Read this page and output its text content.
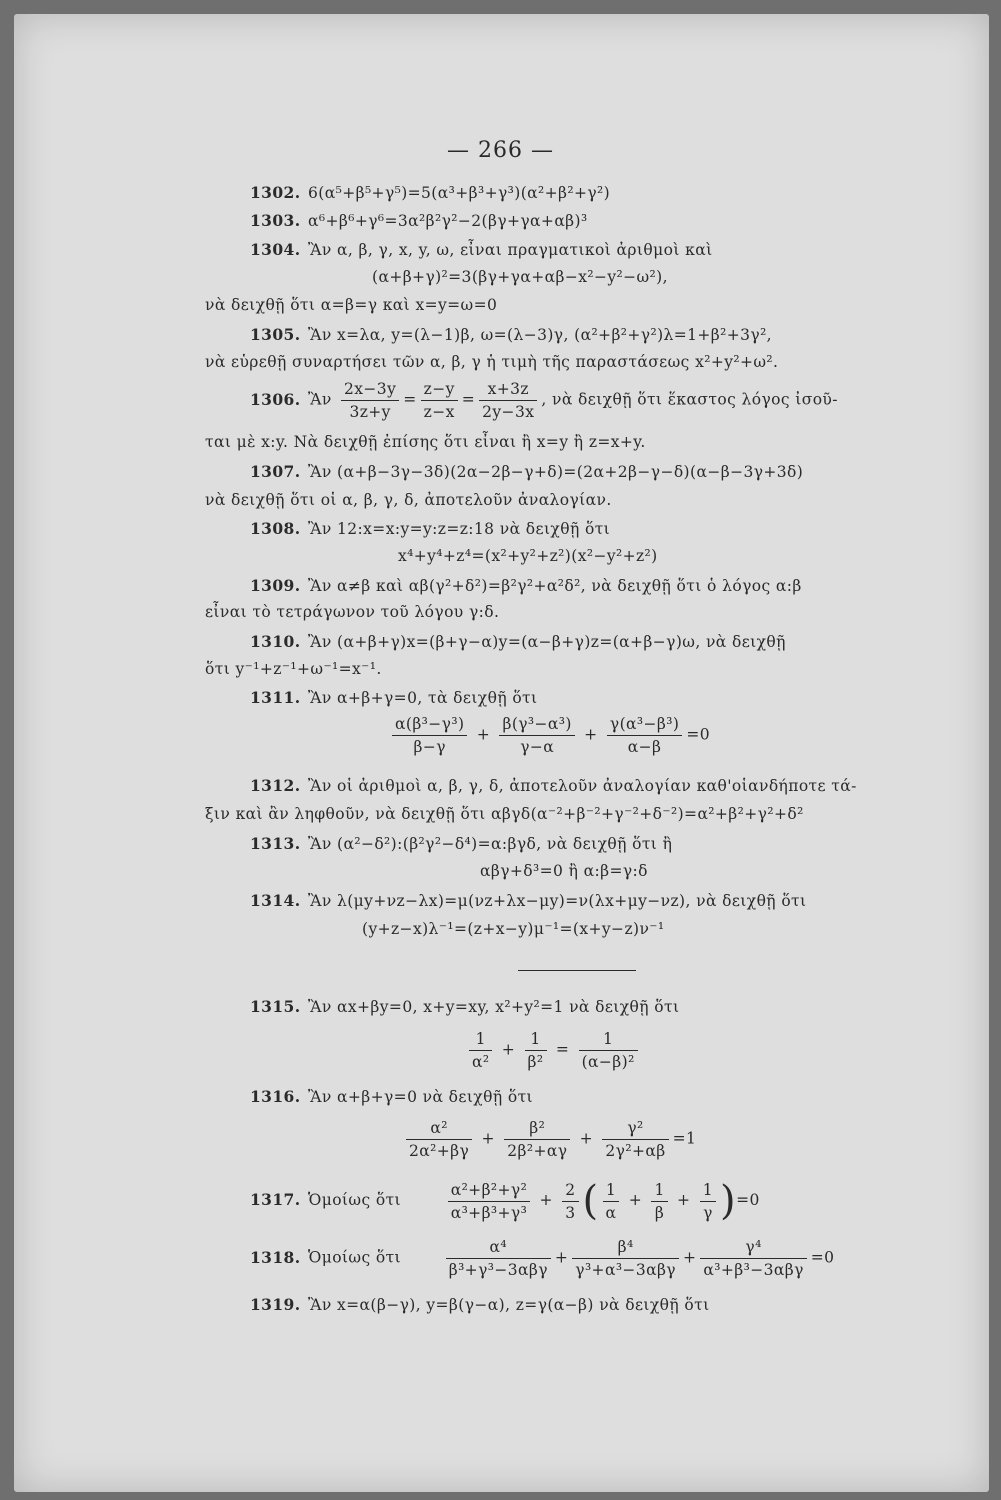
— 266 —
1302. 6(α⁵+β⁵+γ⁵)=5(α³+β³+γ³)(α²+β²+γ²)
1303. α⁶+β⁶+γ⁶=3α²β²γ²−2(βγ+γα+αβ)³
1304. Ἂν α, β, γ, x, y, ω, εἶναι πραγματικοὶ ἀριθμοὶ καὶ
(α+β+γ)²=3(βγ+γα+αβ−x²−y²−ω²),
νὰ δειχθῇ ὅτι α=β=γ καὶ x=y=ω=0
1305. Ἂν x=λα, y=(λ−1)β, ω=(λ−3)γ, (α²+β²+γ²)λ=1+β²+3γ²,
νὰ εὑρεθῇ συναρτήσει τῶν α, β, γ ἡ τιμὴ τῆς παραστάσεως x²+y²+ω².
1306. Ἂν $\frac{2x-3y}{3z+y} = \frac{z-y}{z-x} = \frac{x+3z}{2y-3x}$ , νὰ δειχθῇ ὅτι ἕκαστος λόγος ἰσοῦ-
ται μὲ x:y. Νὰ δειχθῇ ἐπίσης ὅτι εἶναι ἢ x=y ἢ z=x+y.
1307. Ἂν (α+β−3γ−3δ)(2α−2β−γ+δ)=(2α+2β−γ−δ)(α−β−3γ+3δ)
νὰ δειχθῇ ὅτι οἱ α, β, γ, δ, ἀποτελοῦν ἀναλογίαν.
1308. Ἂν 12:x=x:y=y:z=z:18 νὰ δειχθῇ ὅτι
x⁴+y⁴+z⁴=(x²+y²+z²)(x²−y²+z²)
1309. Ἂν α≠β καὶ αβ(γ²+δ²)=β²γ²+α²δ², νὰ δειχθῇ ὅτι ὁ λόγος α:β
εἶναι τὸ τετράγωνον τοῦ λόγου γ:δ.
1310. Ἂν (α+β+γ)x=(β+γ−α)y=(α−β+γ)z=(α+β−γ)ω, νὰ δειχθῇ
ὅτι y⁻¹+z⁻¹+ω⁻¹=x⁻¹.
1311. Ἂν α+β+γ=0, τὰ δειχθῇ ὅτι
$\frac{\text{α(β³−γ³)}}{\beta-\gamma} + \frac{\text{β(γ³−α³)}}{\gamma-\alpha} + \frac{\text{γ(α³−β³)}}{\alpha-\beta} =0$
1312. Ἂν οἱ ἀριθμοὶ α, β, γ, δ, ἀποτελοῦν ἀναλογίαν καθ'οἱανδήποτε τά-
ξιν καὶ ἂν ληφθοῦν, νὰ δειχθῇ ὅτι αβγδ(α⁻²+β⁻²+γ⁻²+δ⁻²)=α²+β²+γ²+δ²
1313. Ἂν (α²−δ²):(β²γ²−δ⁴)=α:βγδ, νὰ δειχθῇ ὅτι ἢ
αβγ+δ³=0 ἢ α:β=γ:δ
1314. Ἂν λ(μy+νz−λx)=μ(νz+λx−μy)=ν(λx+μy−νz), νὰ δειχθῇ ὅτι
(y+z−x)λ⁻¹=(z+x−y)μ⁻¹=(x+y−z)ν⁻¹
1315. Ἂν αx+βy=0, x+y=xy, x²+y²=1 νὰ δειχθῇ ὅτι
$\frac{1}{\text{α²}} + \frac{1}{\text{β²}} = \frac{1}{\text{(α−β)²}}$
1316. Ἂν α+β+γ=0 νὰ δειχθῇ ὅτι
$\frac{\text{α²}}{\text{2α²+βγ}} + \frac{\text{β²}}{\text{2β²+αγ}} + \frac{\text{γ²}}{\text{2γ²+αβ}} =1$
1317. Ὁμοίως ὅτι	$\frac{\text{α²+β²+γ²}}{\text{α³+β³+γ³}} + \frac{2}{3}$ ( $\frac{1}{\alpha} + \frac{1}{\beta} + \frac{1}{\gamma} )=0$
1318. Ὁμοίως ὅτι	$\frac{\text{α⁴}}{\text{β³+γ³−3αβγ}} + \frac{\text{β⁴}}{\text{γ³+α³−3αβγ}} + \frac{\text{γ⁴}}{\text{α³+β³−3αβγ}} =0$
1319. Ἂν x=α(β−γ), y=β(γ−α), z=γ(α−β) νὰ δειχθῇ ὅτι
